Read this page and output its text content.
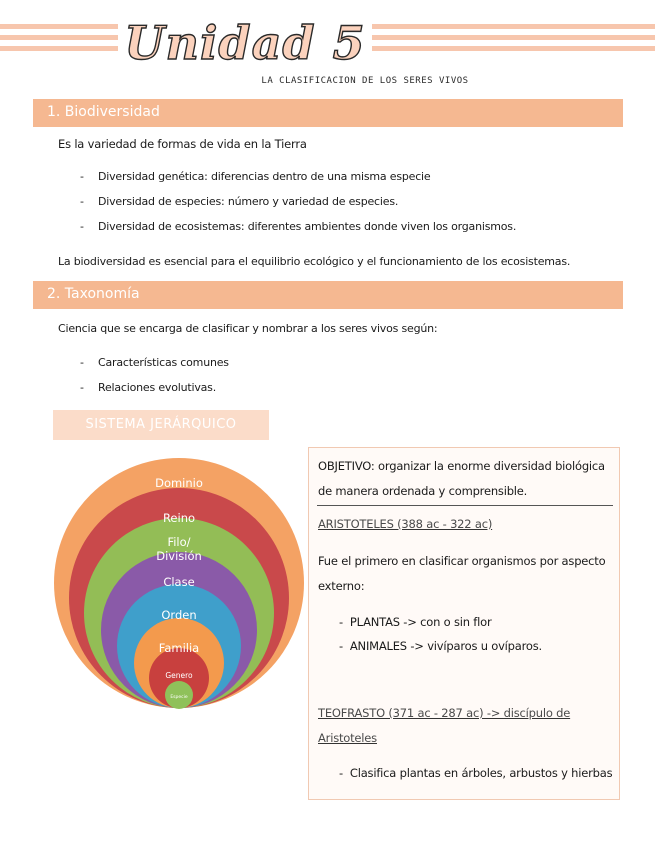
Unidad 5
LA CLASIFICACION DE LOS SERES VIVOS
1. Biodiversidad
Es la variedad de formas de vida en la Tierra
- Diversidad genética: diferencias dentro de una misma especie
- Diversidad de especies: número y variedad de especies.
- Diversidad de ecosistemas: diferentes ambientes donde viven los organismos.
La biodiversidad es esencial para el equilibrio ecológico y el funcionamiento de los ecosistemas.
2. Taxonomía
Ciencia que se encarga de clasificar y nombrar a los seres vivos según:
- Características comunes
- Relaciones evolutivas.
SISTEMA JERÁRQUICO
Dominio
Reino
Filo/
División
Clase
Orden
Familia
Genero
Especie
OBJETIVO: organizar la enorme diversidad biológica
de manera ordenada y comprensible.
ARISTOTELES (388 ac - 322 ac)
Fue el primero en clasificar organismos por aspecto
externo:
-  PLANTAS -> con o sin flor
-  ANIMALES -> vivíparos u ovíparos.
TEOFRASTO (371 ac - 287 ac) -> discípulo de
Aristoteles
-  Clasifica plantas en árboles, arbustos y hierbas
